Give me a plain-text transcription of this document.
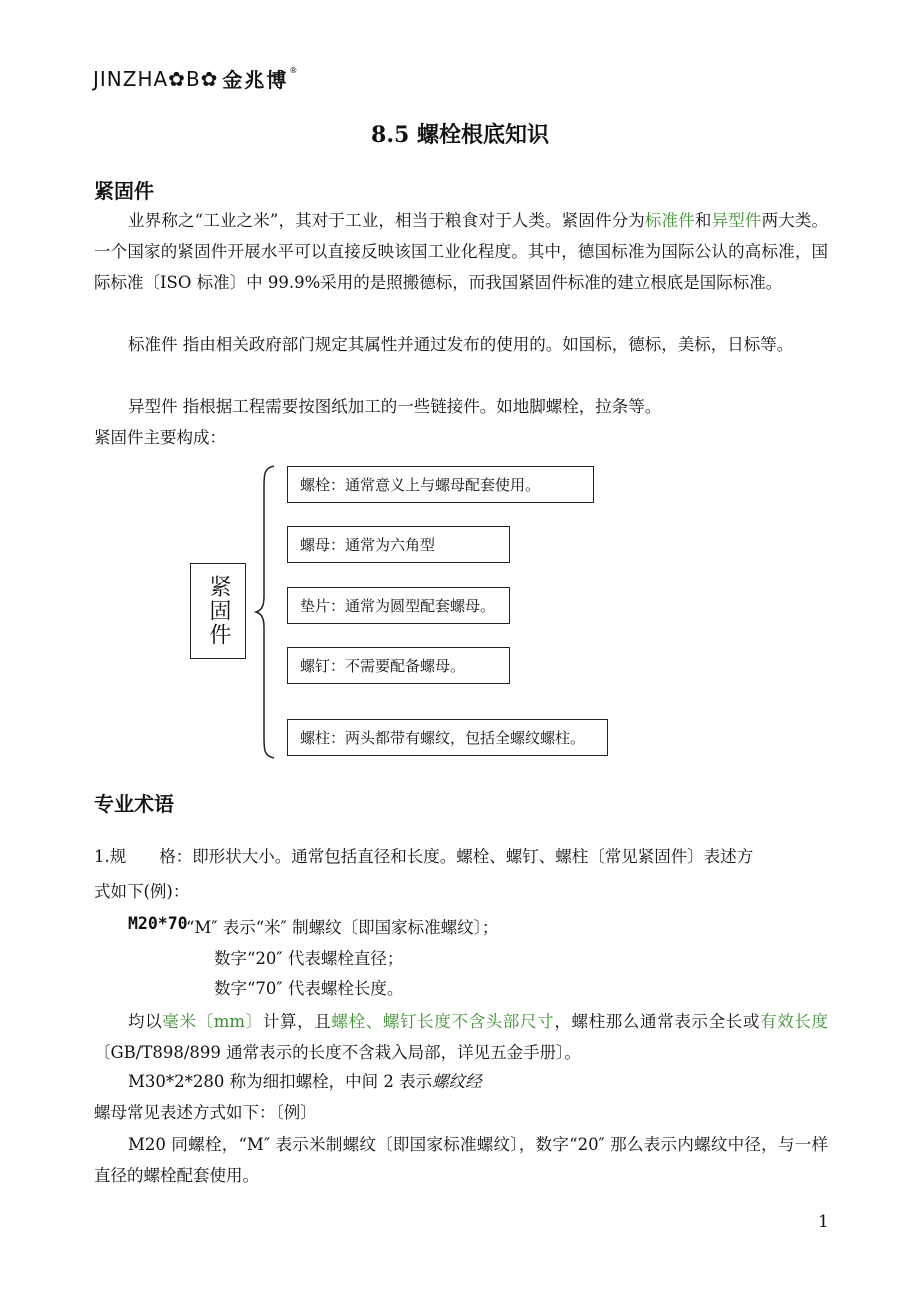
JINZHA✿B✿ 金兆博 ®
8.5 螺栓根底知识
紧固件
业界称之“工业之米”，其对于工业，相当于粮食对于人类。紧固件分为标准件和异型件两大类。一个国家的紧固件开展水平可以直接反映该国工业化程度。其中，德国标准为国际公认的高标准，国际标准〔ISO 标准〕中 99.9%采用的是照搬德标，而我国紧固件标准的建立根底是国际标准。
标准件 指由相关政府部门规定其属性并通过发布的使用的。如国标，德标，美标，日标等。
异型件 指根据工程需要按图纸加工的一些链接件。如地脚螺栓，拉条等。
紧固件主要构成：
紧固件
螺栓：通常意义上与螺母配套使用。
螺母：通常为六角型
垫片：通常为圆型配套螺母。
螺钉：不需要配备螺母。
螺柱：两头都带有螺纹，包括全螺纹螺柱。
专业术语
1.规　　格：即形状大小。通常包括直径和长度。螺栓、螺钉、螺柱〔常见紧固件〕表述方
式如下(例)：
M20*70
“M″ 表示“米″ 制螺纹〔即国家标准螺纹〕；
数字“20″ 代表螺栓直径；
数字“70″ 代表螺栓长度。
均以毫米〔mm〕计算，且螺栓、螺钉长度不含头部尺寸，螺柱那么通常表示全长或有效长度〔GB/T898/899 通常表示的长度不含栽入局部，详见五金手册〕。
M30*2*280 称为细扣螺栓，中间 2 表示螺纹经
螺母常见表述方式如下：〔例〕
M20 同螺栓，“M″ 表示米制螺纹〔即国家标准螺纹〕，数字“20″ 那么表示内螺纹中径，与一样直径的螺栓配套使用。
1
